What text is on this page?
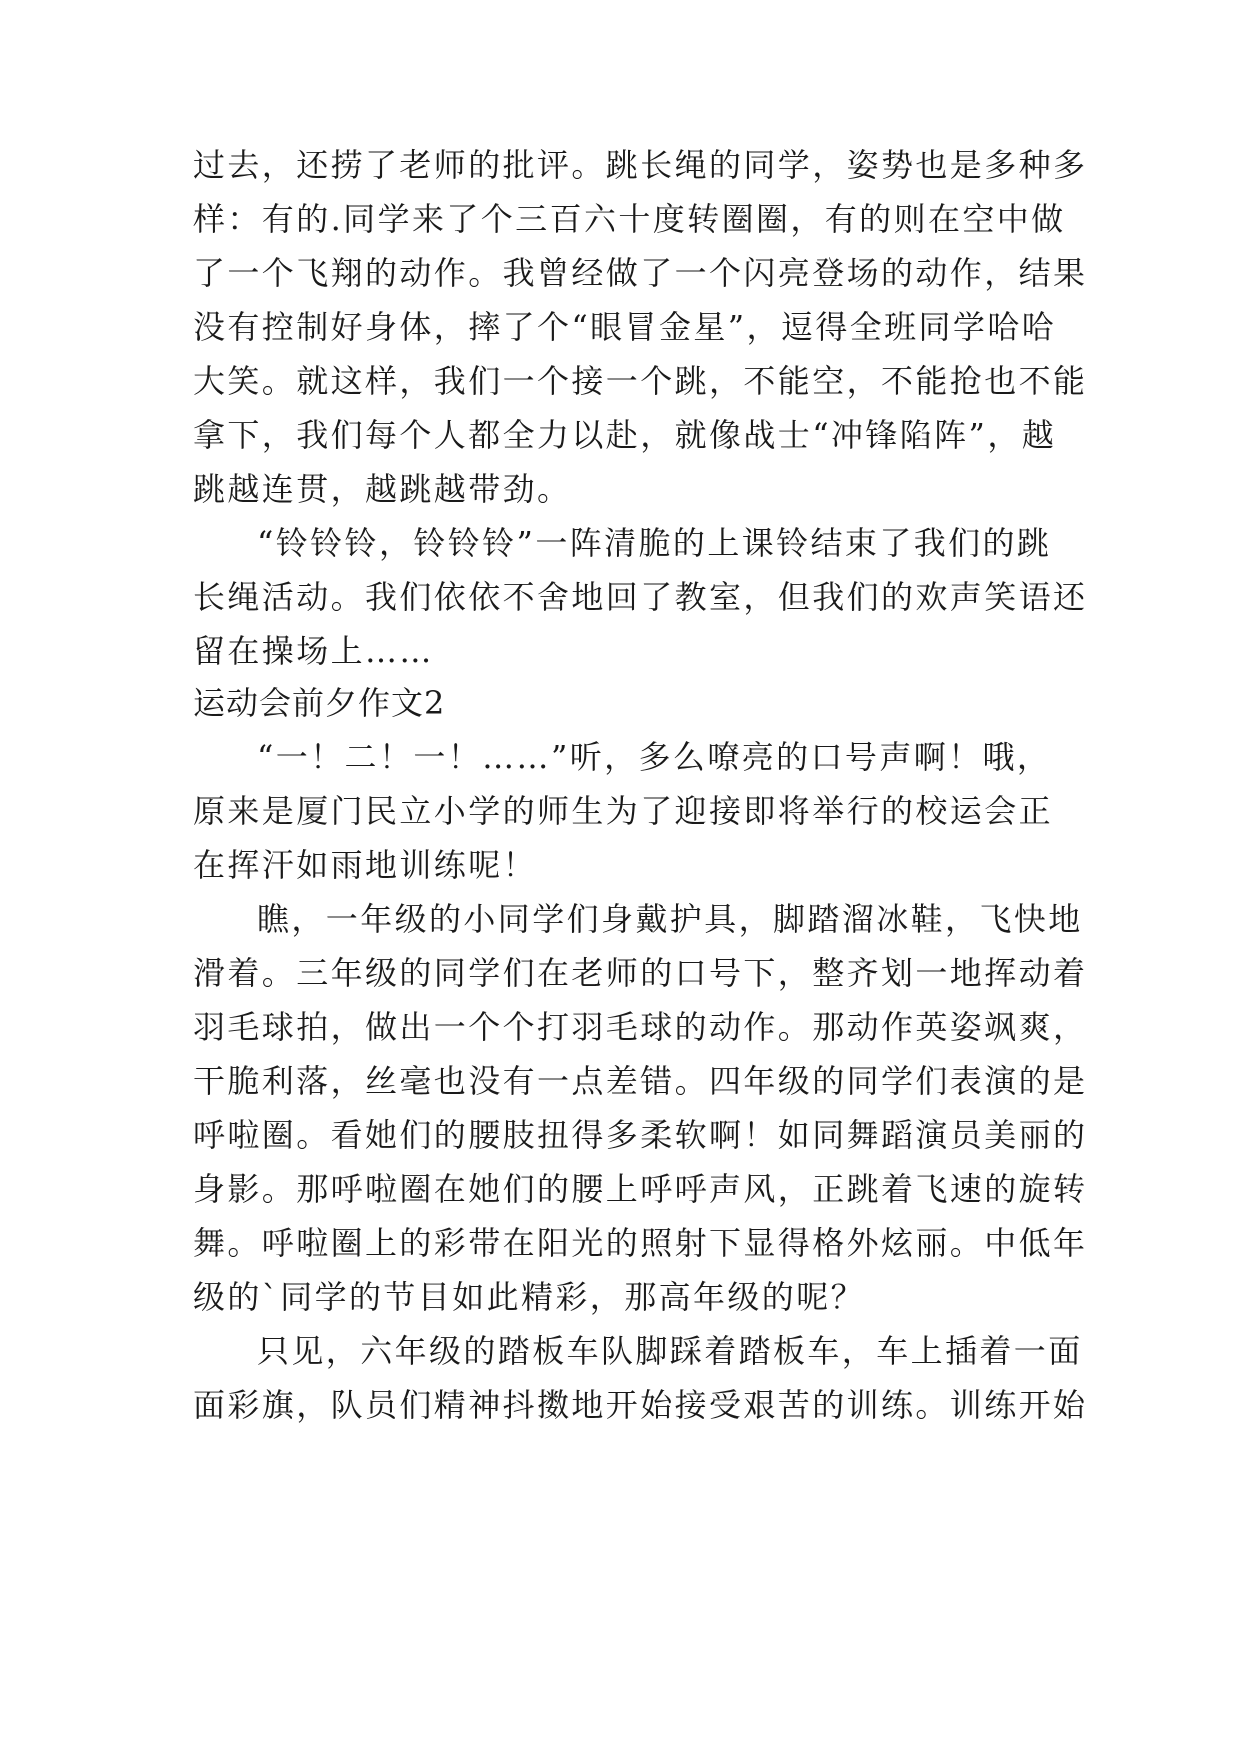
过去，还捞了老师的批评。跳长绳的同学，姿势也是多种多
样：有的.同学来了个三百六十度转圈圈，有的则在空中做
了一个飞翔的动作。我曾经做了一个闪亮登场的动作，结果
没有控制好身体，摔了个“眼冒金星”，逗得全班同学哈哈
大笑。就这样，我们一个接一个跳，不能空，不能抢也不能
拿下，我们每个人都全力以赴，就像战士“冲锋陷阵”，越
跳越连贯，越跳越带劲。
“铃铃铃，铃铃铃”一阵清脆的上课铃结束了我们的跳
长绳活动。我们依依不舍地回了教室，但我们的欢声笑语还
留在操场上……
运动会前夕作文2
“一！二！一！……”听，多么嘹亮的口号声啊！哦，
原来是厦门民立小学的师生为了迎接即将举行的校运会正
在挥汗如雨地训练呢！
瞧，一年级的小同学们身戴护具，脚踏溜冰鞋，飞快地
滑着。三年级的同学们在老师的口号下，整齐划一地挥动着
羽毛球拍，做出一个个打羽毛球的动作。那动作英姿飒爽，
干脆利落，丝毫也没有一点差错。四年级的同学们表演的是
呼啦圈。看她们的腰肢扭得多柔软啊！如同舞蹈演员美丽的
身影。那呼啦圈在她们的腰上呼呼声风，正跳着飞速的旋转
舞。呼啦圈上的彩带在阳光的照射下显得格外炫丽。中低年
级的`同学的节目如此精彩，那高年级的呢？
只见，六年级的踏板车队脚踩着踏板车，车上插着一面
面彩旗，队员们精神抖擞地开始接受艰苦的训练。训练开始
